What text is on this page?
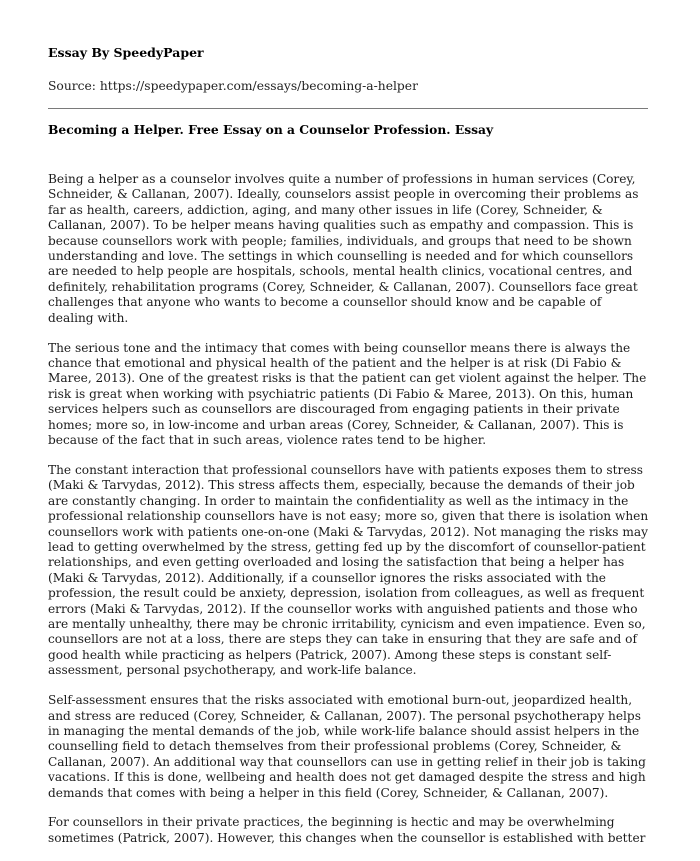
Essay By SpeedyPaper
Source: https://speedypaper.com/essays/becoming-a-helper
Becoming a Helper. Free Essay on a Counselor Profession. Essay

Being a helper as a counselor involves quite a number of professions in human services (Corey, Schneider, & Callanan, 2007). Ideally, counselors assist people in overcoming their problems as far as health, careers, addiction, aging, and many other issues in life (Corey, Schneider, & Callanan, 2007). To be helper means having qualities such as empathy and compassion. This is because counsellors work with people; families, individuals, and groups that need to be shown understanding and love. The settings in which counselling is needed and for which counsellors are needed to help people are hospitals, schools, mental health clinics, vocational centres, and definitely, rehabilitation programs (Corey, Schneider, & Callanan, 2007). Counsellors face great challenges that anyone who wants to become a counsellor should know and be capable of dealing with.

The serious tone and the intimacy that comes with being counsellor means there is always the chance that emotional and physical health of the patient and the helper is at risk (Di Fabio & Maree, 2013). One of the greatest risks is that the patient can get violent against the helper. The risk is great when working with psychiatric patients (Di Fabio & Maree, 2013). On this, human services helpers such as counsellors are discouraged from engaging patients in their private homes; more so, in low-income and urban areas (Corey, Schneider, & Callanan, 2007). This is because of the fact that in such areas, violence rates tend to be higher.

The constant interaction that professional counsellors have with patients exposes them to stress (Maki & Tarvydas, 2012). This stress affects them, especially, because the demands of their job are constantly changing. In order to maintain the confidentiality as well as the intimacy in the professional relationship counsellors have is not easy; more so, given that there is isolation when counsellors work with patients one-on-one (Maki & Tarvydas, 2012). Not managing the risks may lead to getting overwhelmed by the stress, getting fed up by the discomfort of counsellor-patient relationships, and even getting overloaded and losing the satisfaction that being a helper has (Maki & Tarvydas, 2012). Additionally, if a counsellor ignores the risks associated with the profession, the result could be anxiety, depression, isolation from colleagues, as well as frequent errors (Maki & Tarvydas, 2012). If the counsellor works with anguished patients and those who are mentally unhealthy, there may be chronic irritability, cynicism and even impatience. Even so, counsellors are not at a loss, there are steps they can take in ensuring that they are safe and of good health while practicing as helpers (Patrick, 2007). Among these steps is constant self-assessment, personal psychotherapy, and work-life balance.

Self-assessment ensures that the risks associated with emotional burn-out, jeopardized health, and stress are reduced (Corey, Schneider, & Callanan, 2007). The personal psychotherapy helps in managing the mental demands of the job, while work-life balance should assist helpers in the counselling field to detach themselves from their professional problems (Corey, Schneider, & Callanan, 2007). An additional way that counsellors can use in getting relief in their job is taking vacations. If this is done, wellbeing and health does not get damaged despite the stress and high demands that comes with being a helper in this field (Corey, Schneider, & Callanan, 2007).

For counsellors in their private practices, the beginning is hectic and may be overwhelming sometimes (Patrick, 2007). However, this changes when the counsellor is established with better
